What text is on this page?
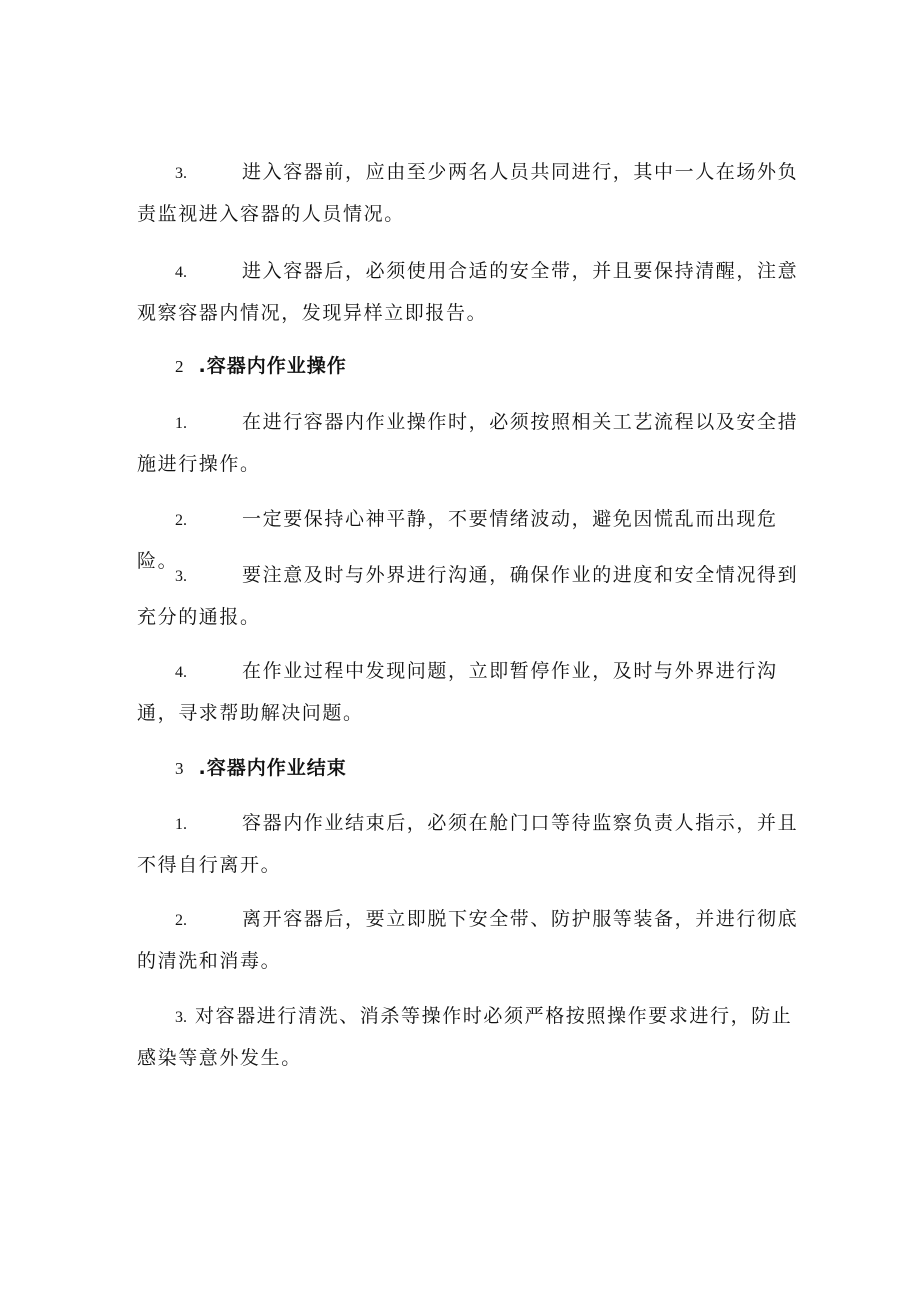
3.	进入容器前，应由至少两名人员共同进行，其中一人在场外负责监视进入容器的人员情况。

4.	进入容器后，必须使用合适的安全带，并且要保持清醒，注意观察容器内情况，发现异样立即报告。

2 .容器内作业操作

1.	在进行容器内作业操作时，必须按照相关工艺流程以及安全措施进行操作。

2.	一定要保持心神平静，不要情绪波动，避免因慌乱而出现危险。

3.	要注意及时与外界进行沟通，确保作业的进度和安全情况得到充分的通报。

4.	在作业过程中发现问题，立即暂停作业，及时与外界进行沟通，寻求帮助解决问题。

3 .容器内作业结束

1.	容器内作业结束后，必须在舱门口等待监察负责人指示，并且不得自行离开。

2.	离开容器后，要立即脱下安全带、防护服等装备，并进行彻底的清洗和消毒。

3. 对容器进行清洗、消杀等操作时必须严格按照操作要求进行，防止感染等意外发生。
